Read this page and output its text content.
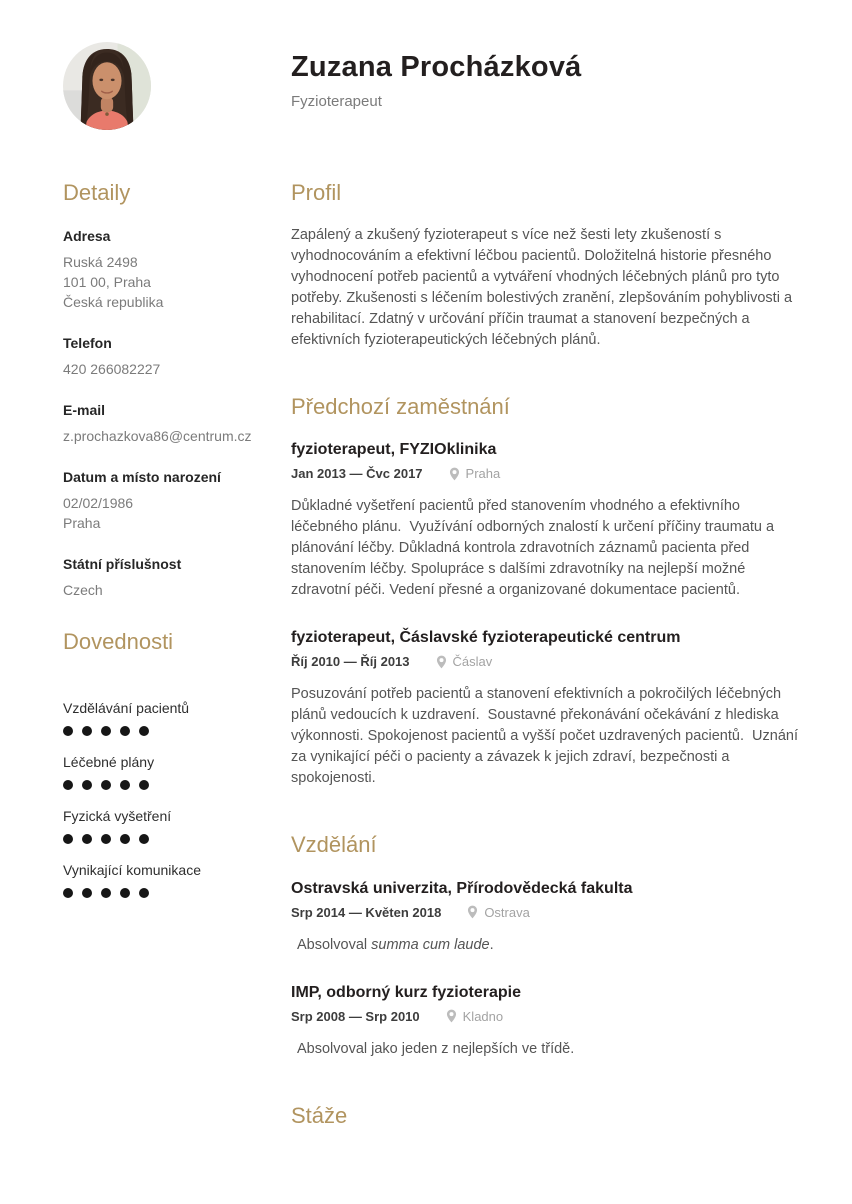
Zuzana Procházková
Fyzioterapeut
Detaily
Adresa
Ruská 2498
101 00, Praha
Česká republika
Telefon
420 266082227
E-mail
z.prochazkova86@centrum.cz
Datum a místo narození
02/02/1986
Praha
Státní příslušnost
Czech
Dovednosti
Vzdělávání pacientů
Léčebné plány
Fyzická vyšetření
Vynikající komunikace
Profil
Zapálený a zkušený fyzioterapeut s více než šesti lety zkušeností s vyhodnocováním a efektivní léčbou pacientů. Doložitelná historie přesného vyhodnocení potřeb pacientů a vytváření vhodných léčebných plánů pro tyto potřeby. Zkušenosti s léčením bolestivých zranění, zlepšováním pohyblivosti a rehabilitací. Zdatný v určování příčin traumat a stanovení bezpečných a efektivních fyzioterapeutických léčebných plánů.
Předchozí zaměstnání
fyzioterapeut, FYZIOklinika
Jan 2013 — Čvc 2017	Praha
Důkladné vyšetření pacientů před stanovením vhodného a efektivního léčebného plánu.  Využívání odborných znalostí k určení příčiny traumatu a plánování léčby. Důkladná kontrola zdravotních záznamů pacienta před stanovením léčby. Spolupráce s dalšími zdravotníky na nejlepší možné zdravotní péči. Vedení přesné a organizované dokumentace pacientů.
fyzioterapeut, Čáslavské fyzioterapeutické centrum
Říj 2010 — Říj 2013	Čáslav
Posuzování potřeb pacientů a stanovení efektivních a pokročilých léčebných plánů vedoucích k uzdravení.  Soustavné překonávání očekávání z hlediska výkonnosti. Spokojenost pacientů a vyšší počet uzdravených pacientů.  Uznání za vynikající péči o pacienty a závazek k jejich zdraví, bezpečnosti a spokojenosti.
Vzdělání
Ostravská univerzita, Přírodovědecká fakulta
Srp 2014 — Květen 2018	Ostrava
Absolvoval summa cum laude.
IMP, odborný kurz fyzioterapie
Srp 2008 — Srp 2010	Kladno
Absolvoval jako jeden z nejlepších ve třídě.
Stáže
